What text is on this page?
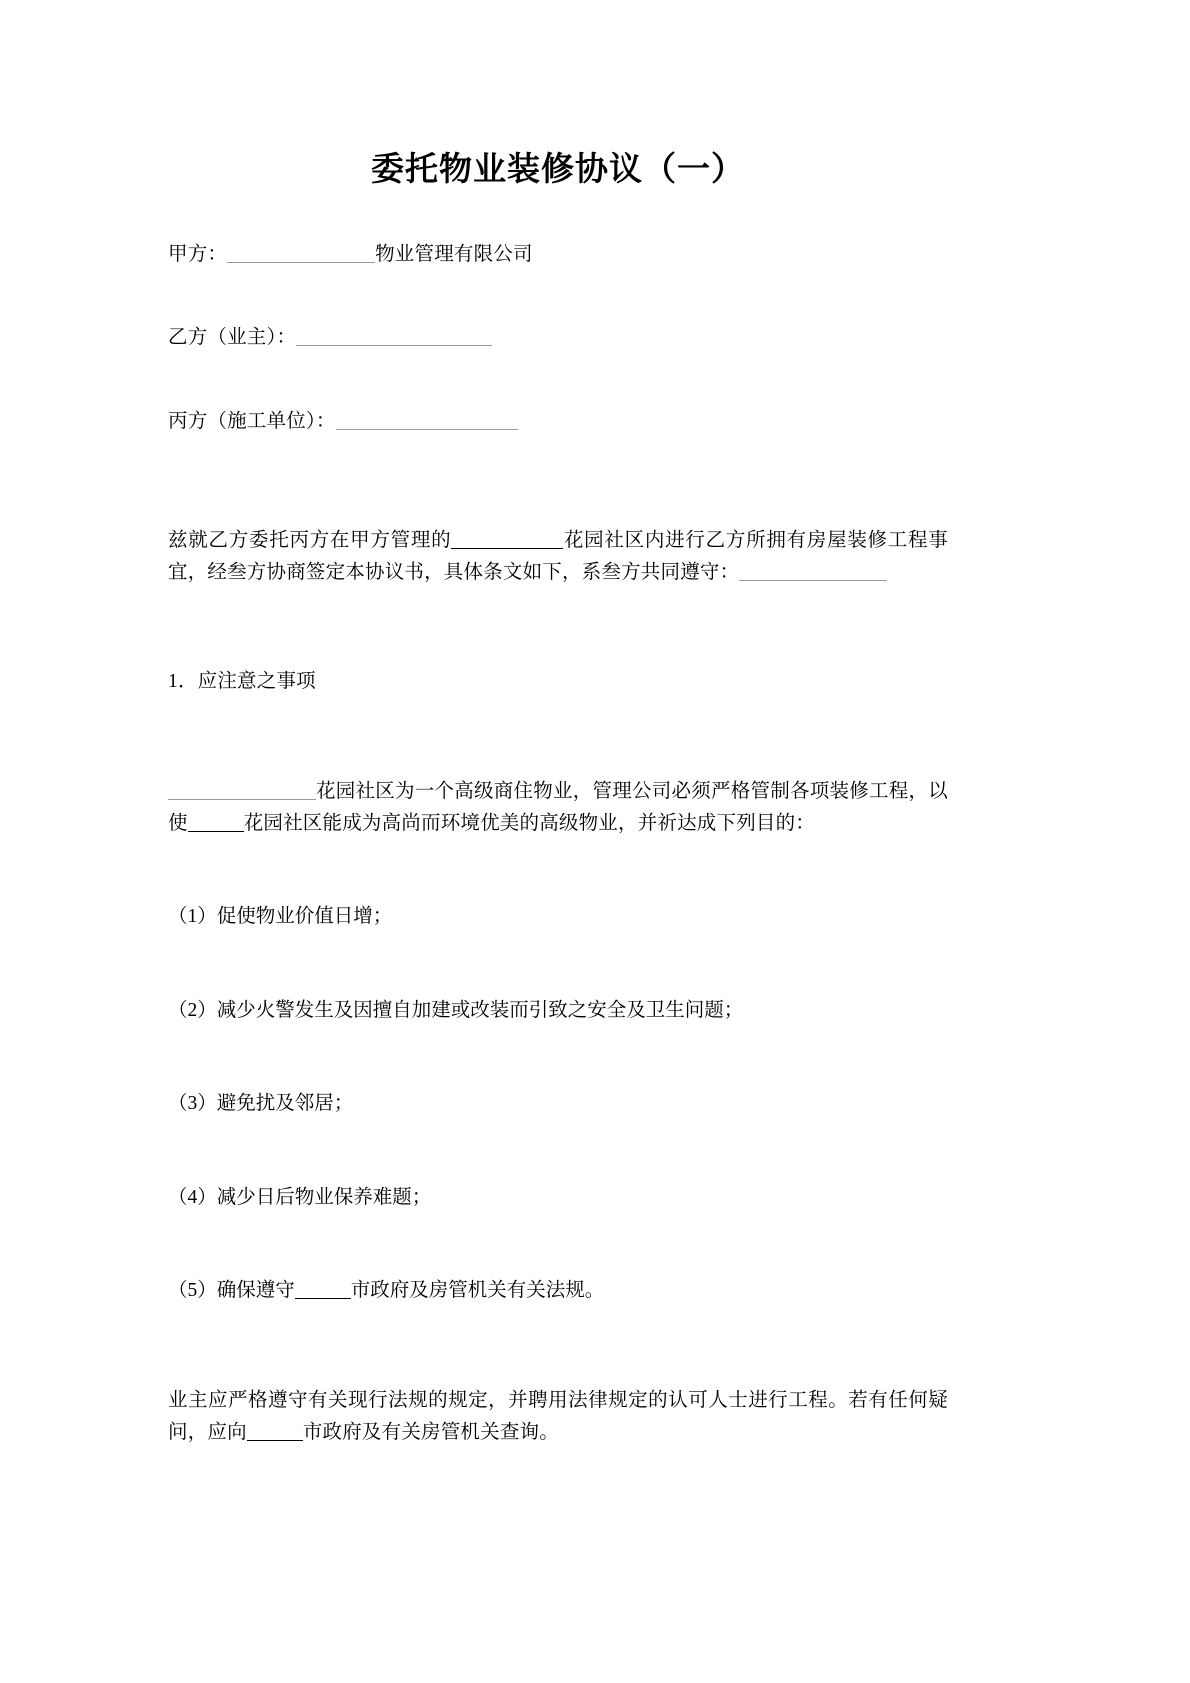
委托物业装修协议（一）

甲方：	物业管理有限公司

乙方（业主）：

丙方（施工单位）：

兹就乙方委托丙方在甲方管理的	花园社区内进行乙方所拥有房屋装修工程事宜，经叁方协商签定本协议书，具体条文如下，系叁方共同遵守：

1．应注意之事项

花园社区为一个高级商住物业，管理公司必须严格管制各项装修工程，以使	花园社区能成为高尚而环境优美的高级物业，并祈达成下列目的：

（1）促使物业价值日增；

（2）减少火警发生及因擅自加建或改装而引致之安全及卫生问题；

（3）避免扰及邻居；

（4）减少日后物业保养难题；

（5）确保遵守	市政府及房管机关有关法规。

业主应严格遵守有关现行法规的规定，并聘用法律规定的认可人士进行工程。若有任何疑问，应向	市政府及有关房管机关查询。
